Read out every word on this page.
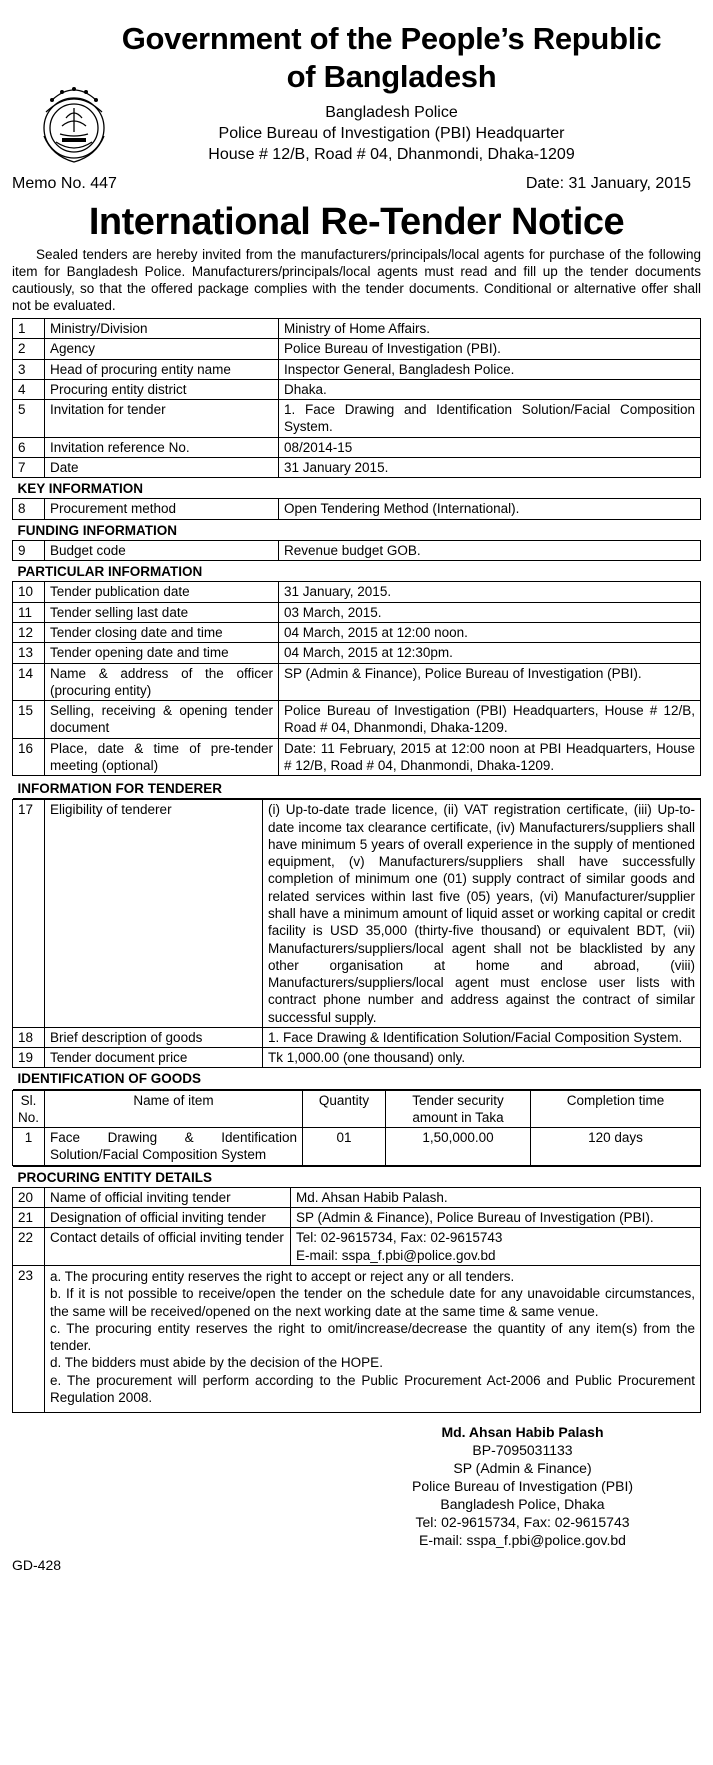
Government of the People’s Republic
of Bangladesh
Bangladesh Police
Police Bureau of Investigation (PBI) Headquarter
House # 12/B, Road # 04, Dhanmondi, Dhaka-1209
Memo No. 447	Date: 31 January, 2015
International Re-Tender Notice

Sealed tenders are hereby invited from the manufacturers/principals/local agents for purchase of the following item for Bangladesh Police. Manufacturers/principals/local agents must read and fill up the tender documents cautiously, so that the offered package complies with the tender documents. Conditional or alternative offer shall not be evaluated.

1	Ministry/Division	Ministry of Home Affairs.
2	Agency	Police Bureau of Investigation (PBI).
3	Head of procuring entity name	Inspector General, Bangladesh Police.
4	Procuring entity district	Dhaka.
5	Invitation for tender	1. Face Drawing and Identification Solution/Facial Composition System.
6	Invitation reference No.	08/2014-15
7	Date	31 January 2015.
KEY INFORMATION		
8	Procurement method	Open Tendering Method (International).
FUNDING INFORMATION		
9	Budget code	Revenue budget GOB.
PARTICULAR INFORMATION		
10	Tender publication date	31 January, 2015.
11	Tender selling last date	03 March, 2015.
12	Tender closing date and time	04 March, 2015 at 12:00 noon.
13	Tender opening date and time	04 March, 2015 at 12:30pm.
14	Name & address of the officer (procuring entity)	SP (Admin & Finance), Police Bureau of Investigation (PBI).
15	Selling, receiving & opening tender document	Police Bureau of Investigation (PBI) Headquarters, House # 12/B, Road # 04, Dhanmondi, Dhaka-1209.
16	Place, date & time of pre-tender meeting (optional)	Date: 11 February, 2015 at 12:00 noon at PBI Headquarters, House # 12/B, Road # 04, Dhanmondi, Dhaka-1209.
INFORMATION FOR TENDERER		
17	Eligibility of tenderer	(i) Up-to-date trade licence, (ii) VAT registration certificate, (iii) Up-to-date income tax clearance certificate, (iv) Manufacturers/suppliers shall have minimum 5 years of overall experience in the supply of mentioned equipment, (v) Manufacturers/suppliers shall have successfully completion of minimum one (01) supply contract of similar goods and related services within last five (05) years, (vi) Manufacturer/supplier shall have a minimum amount of liquid asset or working capital or credit facility is USD 35,000 (thirty-five thousand) or equivalent BDT, (vii) Manufacturers/suppliers/local agent shall not be blacklisted by any other organisation at home and abroad, (viii) Manufacturers/suppliers/local agent must enclose user lists with contract phone number and address against the contract of similar successful supply.
18	Brief description of goods	1. Face Drawing & Identification Solution/Facial Composition System.
19	Tender document price	Tk 1,000.00 (one thousand) only.
IDENTIFICATION OF GOODS		
Sl. No.	Name of item	Quantity	Tender security amount in Taka	Completion time
1	Face Drawing & Identification Solution/Facial Composition System	01	1,50,000.00	120 days
PROCURING ENTITY DETAILS		
20	Name of official inviting tender	Md. Ahsan Habib Palash.
21	Designation of official inviting tender	SP (Admin & Finance), Police Bureau of Investigation (PBI).
22	Contact details of official inviting tender	Tel: 02-9615734, Fax: 02-9615743
E-mail: sspa_f.pbi@police.gov.bd

23	a. The procuring entity reserves the right to accept or reject any or all tenders.
b. If it is not possible to receive/open the tender on the schedule date for any unavoidable circumstances, the same will be received/opened on the next working date at the same time & same venue.
c. The procuring entity reserves the right to omit/increase/decrease the quantity of any item(s) from the tender.
d. The bidders must abide by the decision of the HOPE.
e. The procurement will perform according to the Public Procurement Act-2006 and Public Procurement Regulation 2008.	
Md. Ahsan Habib Palash
BP-7095031133
SP (Admin & Finance)
Police Bureau of Investigation (PBI)
Bangladesh Police, Dhaka
Tel: 02-9615734, Fax: 02-9615743
E-mail: sspa_f.pbi@police.gov.bd
GD-428
